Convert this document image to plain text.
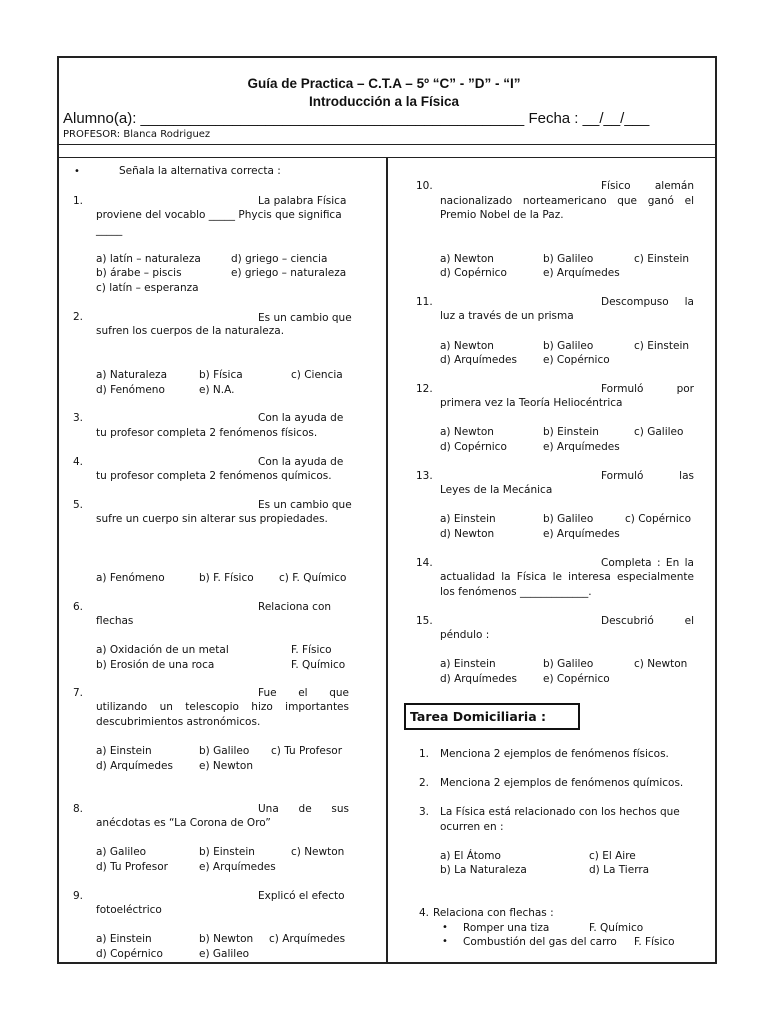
Guía de Practica – C.T.A – 5º “C” - ”D” - “I”
Introducción a la Física
Alumno(a): ______________________________________________ Fecha : __/__/___
PROFESOR: Blanca Rodriguez
•	Señala la alternativa correcta :
1.	La palabra Física
proviene del vocablo _____ Phycis que significa
_____
a) latín – naturaleza	d) griego – ciencia
b) árabe – piscis	e) griego – naturaleza
c) latín – esperanza
2.	Es un cambio que
sufren los cuerpos de la naturaleza.
a) Naturaleza	b) Física	c) Ciencia
d) Fenómeno	e) N.A.
3.	Con la ayuda de
tu profesor completa 2 fenómenos físicos.
4.	Con la ayuda de
tu profesor completa 2 fenómenos químicos.
5.	Es un cambio que
sufre un cuerpo sin alterar sus propiedades.
a) Fenómeno	b) F. Físico c) F. Químico
6.	Relaciona con
flechas
a) Oxidación de un metal	F. Físico
b) Erosión de una roca	F. Químico
7.	Fue el que
utilizando un telescopio hizo importantes
descubrimientos astronómicos.
a) Einstein	b) Galileo c) Tu Profesor
d) Arquímedes e) Newton
8.	Una de sus
anécdotas es “La Corona de Oro”
a) Galileo	b) Einstein	c) Newton
d) Tu Profesor	e) Arquímedes
9.	Explicó el efecto
fotoeléctrico
a) Einstein	b) Newton c) Arquímedes
d) Copérnico	e) Galileo
10.	Físico alemán
nacionalizado norteamericano que ganó el
Premio Nobel de la Paz.
a) Newton	b) Galileo	c) Einstein
d) Copérnico	e) Arquímedes
11.	Descompuso la
luz a través de un prisma
a) Newton	b) Galileo	c) Einstein
d) Arquímedes e) Copérnico
12.	Formuló por
primera vez la Teoría Heliocéntrica
a) Newton	b) Einstein	c) Galileo
d) Copérnico	e) Arquímedes
13.	Formuló las
Leyes de la Mecánica
a) Einstein	b) Galileo	c) Copérnico
d) Newton	e) Arquímedes
14.	Completa : En la
actualidad la Física le interesa especialmente
los fenómenos _____________.
15.	Descubrió el
péndulo :
a) Einstein	b) Galileo	c) Newton
d) Arquímedes e) Copérnico
Tarea Domiciliaria :
1. Menciona 2 ejemplos de fenómenos físicos.
2. Menciona 2 ejemplos de fenómenos químicos.
3. La Física está relacionado con los hechos que
ocurren en :
a) El Átomo	c) El Aire
b) La Naturaleza	d) La Tierra
4. Relaciona con flechas :
• Romper una tiza	F. Químico
• Combustión del gas del carro F. Físico
